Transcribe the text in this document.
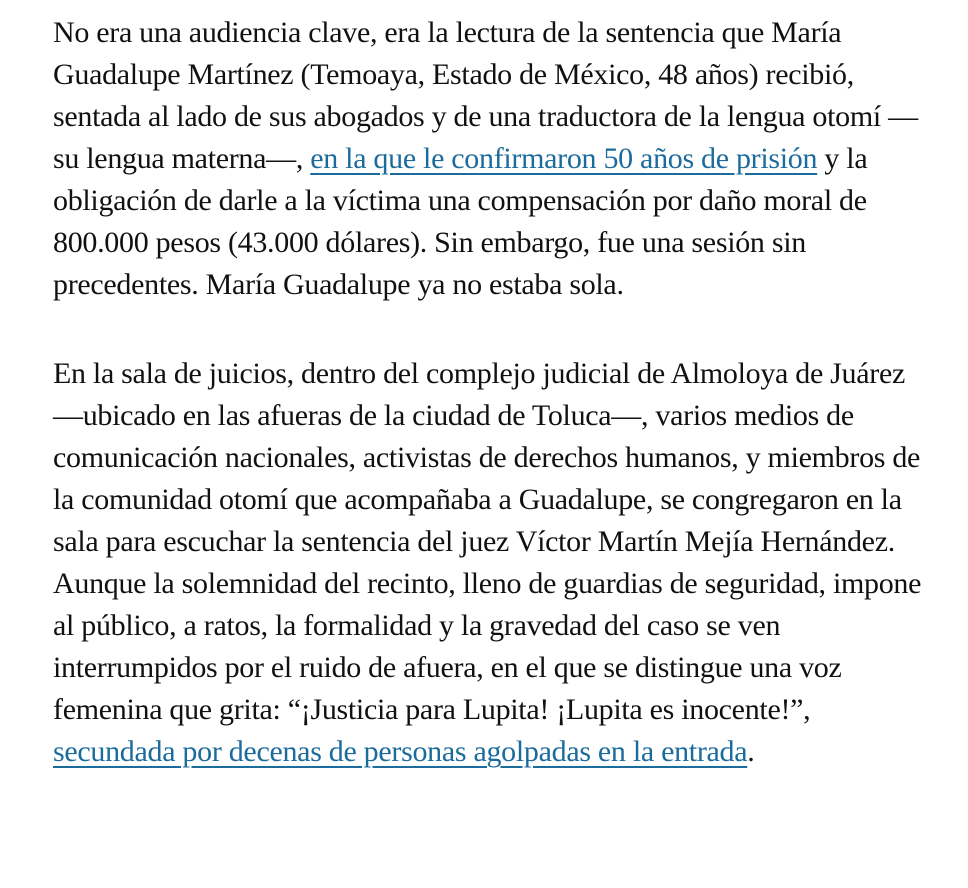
No era una audiencia clave, era la lectura de la sentencia que María Guadalupe Martínez (Temoaya, Estado de México, 48 años) recibió, sentada al lado de sus abogados y de una traductora de la lengua otomí —su lengua materna—, en la que le confirmaron 50 años de prisión y la obligación de darle a la víctima una compensación por daño moral de 800.000 pesos (43.000 dólares). Sin embargo, fue una sesión sin precedentes. María Guadalupe ya no estaba sola.

En la sala de juicios, dentro del complejo judicial de Almoloya de Juárez —ubicado en las afueras de la ciudad de Toluca—, varios medios de comunicación nacionales, activistas de derechos humanos, y miembros de la comunidad otomí que acompañaba a Guadalupe, se congregaron en la sala para escuchar la sentencia del juez Víctor Martín Mejía Hernández. Aunque la solemnidad del recinto, lleno de guardias de seguridad, impone al público, a ratos, la formalidad y la gravedad del caso se ven interrumpidos por el ruido de afuera, en el que se distingue una voz femenina que grita: “¡Justicia para Lupita! ¡Lupita es inocente!”, secundada por decenas de personas agolpadas en la entrada.
